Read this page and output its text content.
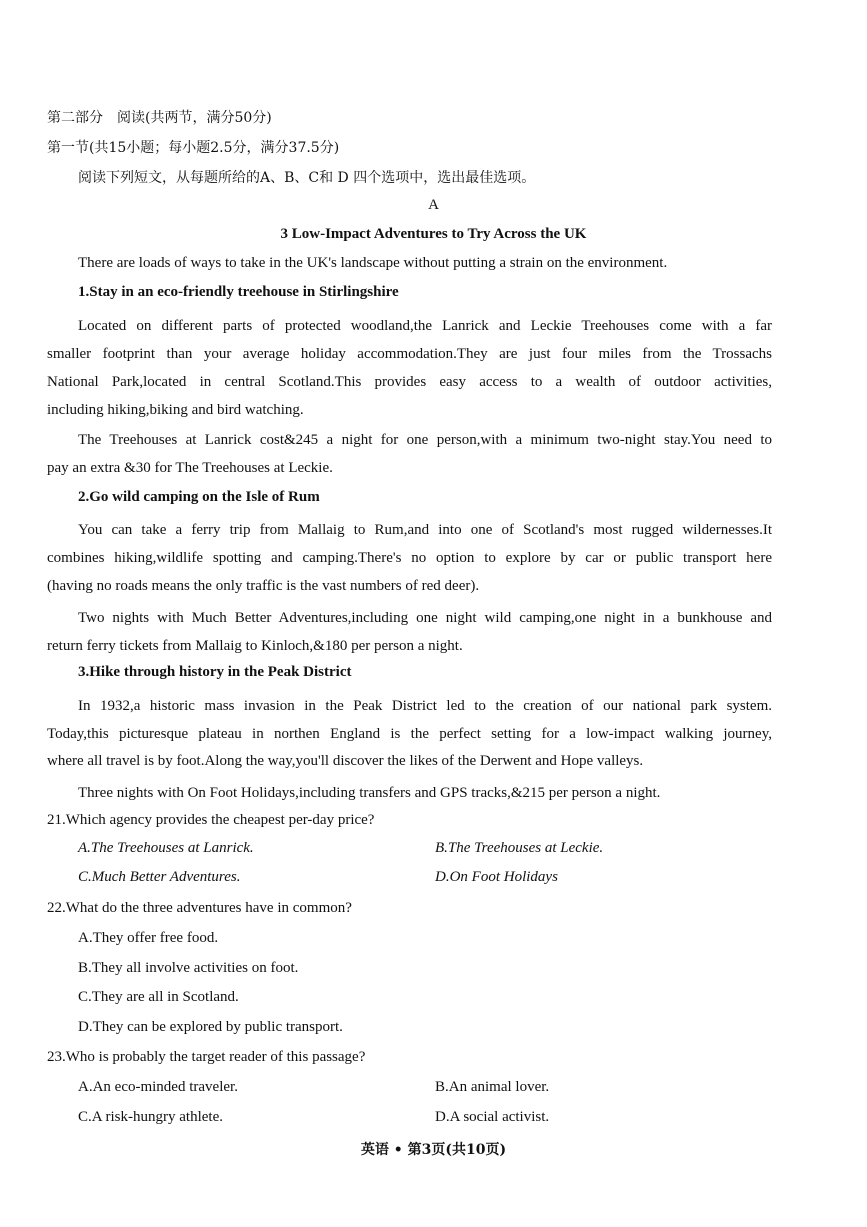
第二部分　阅读(共两节，满分50分)
第一节(共15小题；每小题2.5分，满分37.5分)
阅读下列短文，从每题所给的A、B、C和 D 四个选项中，选出最佳选项。
A
3 Low-Impact Adventures to Try Across the UK
There are loads of ways to take in the UK's landscape without putting a strain on the environment.
1.Stay in an eco-friendly treehouse in Stirlingshire
Located on different parts of protected woodland,the Lanrick and Leckie Treehouses come with a far
smaller footprint than your average holiday accommodation.They are just four miles from the Trossachs
National Park,located in central Scotland.This provides easy access to a wealth of outdoor activities,
including hiking,biking and bird watching.
The Treehouses at Lanrick cost&245 a night for one person,with a minimum two-night stay.You need to
pay an extra &30 for The Treehouses at Leckie.
2.Go wild camping on the Isle of Rum
You can take a ferry trip from Mallaig to Rum,and into one of Scotland's most rugged wildernesses.It
combines hiking,wildlife spotting and camping.There's no option to explore by car or public transport here
(having no roads means the only traffic is the vast numbers of red deer).
Two nights with Much Better Adventures,including one night wild camping,one night in a bunkhouse and
return ferry tickets from Mallaig to Kinloch,&180 per person a night.
3.Hike through history in the Peak District
In 1932,a historic mass invasion in the Peak District led to the creation of our national park system.
Today,this picturesque plateau in northen England is the perfect setting for a low-impact walking journey,
where all travel is by foot.Along the way,you'll discover the likes of the Derwent and Hope valleys.
Three nights with On Foot Holidays,including transfers and GPS tracks,&215 per person a night.
21.Which agency provides the cheapest per-day price?
A.The Treehouses at Lanrick.	B.The Treehouses at Leckie.
C.Much Better Adventures.	D.On Foot Holidays
22.What do the three adventures have in common?
A.They offer free food.
B.They all involve activities on foot.
C.They are all in Scotland.
D.They can be explored by public transport.
23.Who is probably the target reader of this passage?
A.An eco-minded traveler.	B.An animal lover.
C.A risk-hungry athlete.	D.A social activist.
英语 • 第3页(共10页)
